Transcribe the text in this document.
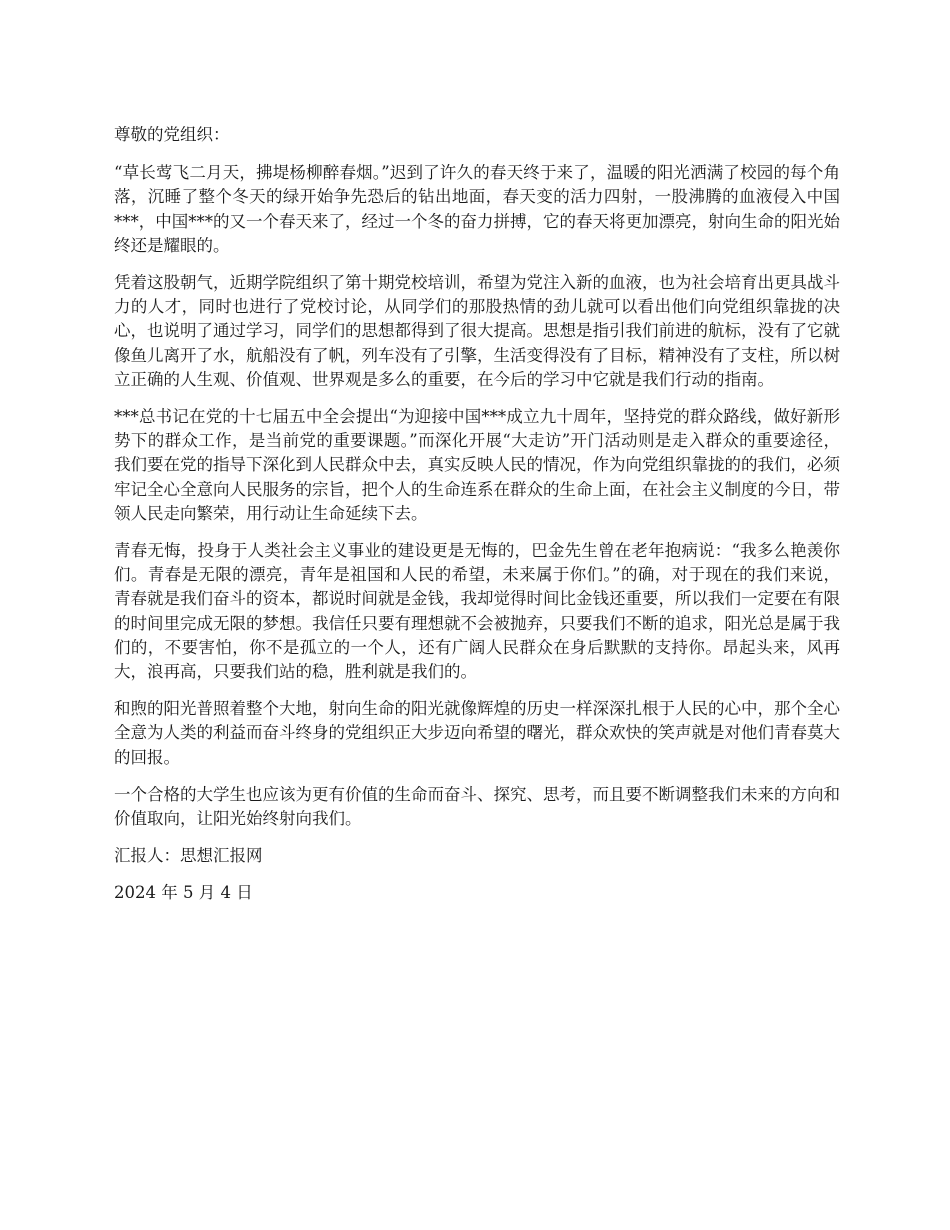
尊敬的党组织：

“草长莺飞二月天，拂堤杨柳醉春烟。”迟到了许久的春天终于来了，温暖的阳光洒满了校园的每个角落，沉睡了整个冬天的绿开始争先恐后的钻出地面，春天变的活力四射，一股沸腾的血液侵入中国***，中国***的又一个春天来了，经过一个冬的奋力拼搏，它的春天将更加漂亮，射向生命的阳光始终还是耀眼的。

凭着这股朝气，近期学院组织了第十期党校培训，希望为党注入新的血液，也为社会培育出更具战斗力的人才，同时也进行了党校讨论，从同学们的那股热情的劲儿就可以看出他们向党组织靠拢的决心，也说明了通过学习，同学们的思想都得到了很大提高。思想是指引我们前进的航标，没有了它就像鱼儿离开了水，航船没有了帆，列车没有了引擎，生活变得没有了目标，精神没有了支柱，所以树立正确的人生观、价值观、世界观是多么的重要，在今后的学习中它就是我们行动的指南。

***总书记在党的十七届五中全会提出“为迎接中国***成立九十周年，坚持党的群众路线，做好新形势下的群众工作，是当前党的重要课题。”而深化开展“大走访”开门活动则是走入群众的重要途径，我们要在党的指导下深化到人民群众中去，真实反映人民的情况，作为向党组织靠拢的的我们，必须牢记全心全意向人民服务的宗旨，把个人的生命连系在群众的生命上面，在社会主义制度的今日，带领人民走向繁荣，用行动让生命延续下去。

青春无悔，投身于人类社会主义事业的建设更是无悔的，巴金先生曾在老年抱病说：“我多么艳羡你们。青春是无限的漂亮，青年是祖国和人民的希望，未来属于你们。”的确，对于现在的我们来说，青春就是我们奋斗的资本，都说时间就是金钱，我却觉得时间比金钱还重要，所以我们一定要在有限的时间里完成无限的梦想。我信任只要有理想就不会被抛弃，只要我们不断的追求，阳光总是属于我们的，不要害怕，你不是孤立的一个人，还有广阔人民群众在身后默默的支持你。昂起头来，风再大，浪再高，只要我们站的稳，胜利就是我们的。

和煦的阳光普照着整个大地，射向生命的阳光就像辉煌的历史一样深深扎根于人民的心中，那个全心全意为人类的利益而奋斗终身的党组织正大步迈向希望的曙光，群众欢快的笑声就是对他们青春莫大的回报。

一个合格的大学生也应该为更有价值的生命而奋斗、探究、思考，而且要不断调整我们未来的方向和价值取向，让阳光始终射向我们。

汇报人：思想汇报网

2024 年 5 月 4 日
